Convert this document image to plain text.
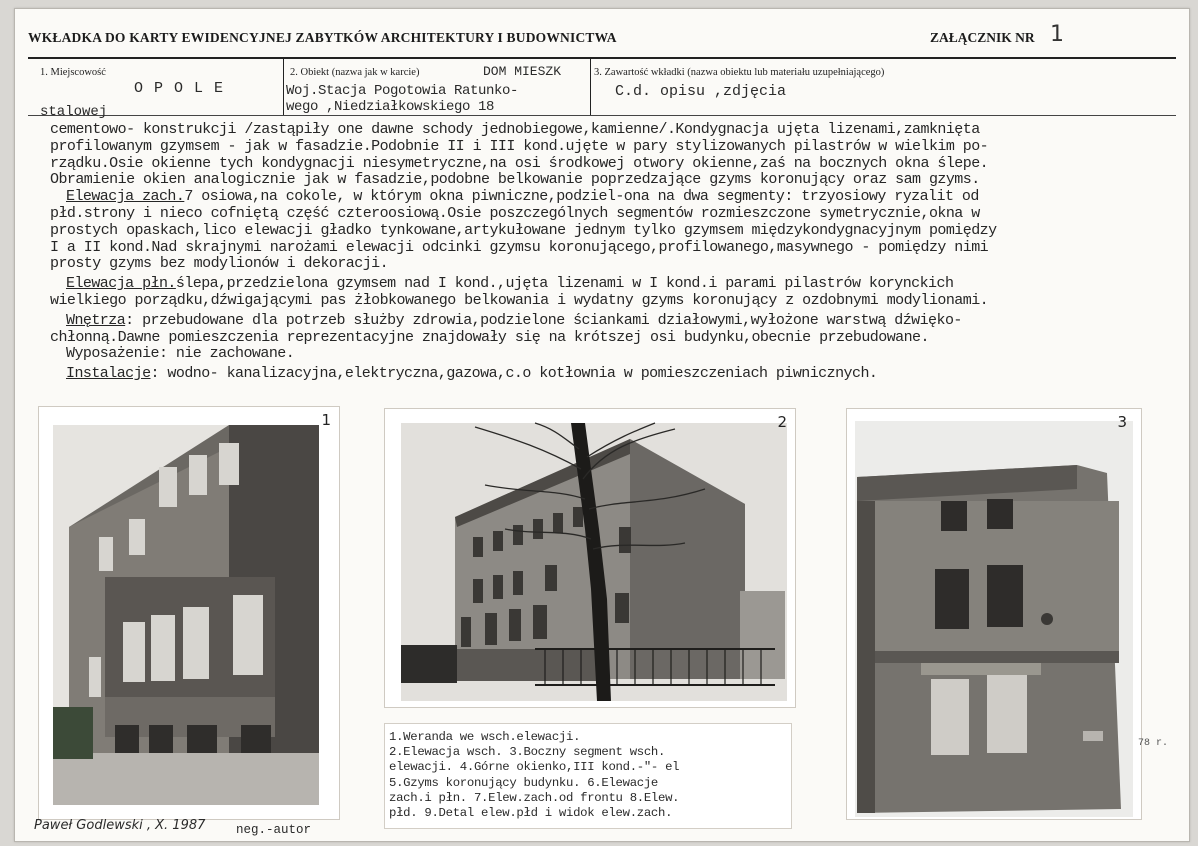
WKŁADKA DO KARTY EWIDENCYJNEJ ZABYTKÓW ARCHITEKTURY I BUDOWNICTWA	ZAŁĄCZNIK NR 1
1. Miejscowość
O P O L E
2. Obiekt (nazwa jak w karcie)	DOM MIESZK
Woj.Stacja Pogotowia Ratunko-
wego ,Niedziałkowskiego 18
3. Zawartość wkładki (nazwa obiektu lub materiału uzupełniającego)
C.d. opisu ,zdjęcia
stalowej
cementowo- konstrukcji /zastąpiły one dawne schody jednobiegowe,kamienne/.Kondygnacja ujęta lizenami,zamknięta
profilowanym gzymsem - jak w fasadzie.Podobnie II i III kond.ujęte w pary stylizowanych pilastrów w wielkim po-
rządku.Osie okienne tych kondygnacji niesymetryczne,na osi środkowej otwory okienne,zaś na bocznych okna ślepe.
Obramienie okien analogicznie jak w fasadzie,podobne belkowanie poprzedzające gzyms koronujący oraz sam gzyms.
Elewacja zach.7 osiowa,na cokole, w którym okna piwniczne,podziel-ona na dwa segmenty: trzyosiowy ryzalit od
płd.strony i nieco cofniętą część czteroosiową.Osie poszczególnych segmentów rozmieszczone symetrycznie,okna w
prostych opaskach,lico elewacji gładko tynkowane,artykułowane jednym tylko gzymsem międzykondygnacyjnym pomiędzy
I a II kond.Nad skrajnymi narożami elewacji odcinki gzymsu koronującego,profilowanego,masywnego - pomiędzy nimi
prosty gzyms bez modylionów i dekoracji.
Elewacja płn.ślepa,przedzielona gzymsem nad I kond.,ujęta lizenami w I kond.i parami pilastrów korynckich
wielkiego porządku,dźwigającymi pas żłobkowanego belkowania i wydatny gzyms koronujący z ozdobnymi modylionami.
Wnętrza: przebudowane dla potrzeb służby zdrowia,podzielone ściankami działowymi,wyłożone warstwą dźwięko-
chłonną.Dawne pomieszczenia reprezentacyjne znajdowały się na krótszej osi budynku,obecnie przebudowane.
Wyposażenie: nie zachowane.
Instalacje: wodno- kanalizacyjna,elektryczna,gazowa,c.o kotłownia w pomieszczeniach piwnicznych.
1	2	3
78 r.
1.Weranda we wsch.elewacji.
2.Elewacja wsch. 3.Boczny segment wsch.
elewacji. 4.Górne okienko,III kond.-"- el
5.Gzyms koronujący budynku. 6.Elewacje
zach.i płn. 7.Elew.zach.od frontu 8.Elew.
płd. 9.Detal elew.płd i widok elew.zach.
Paweł Godlewski , X. 1987 neg.-autor
